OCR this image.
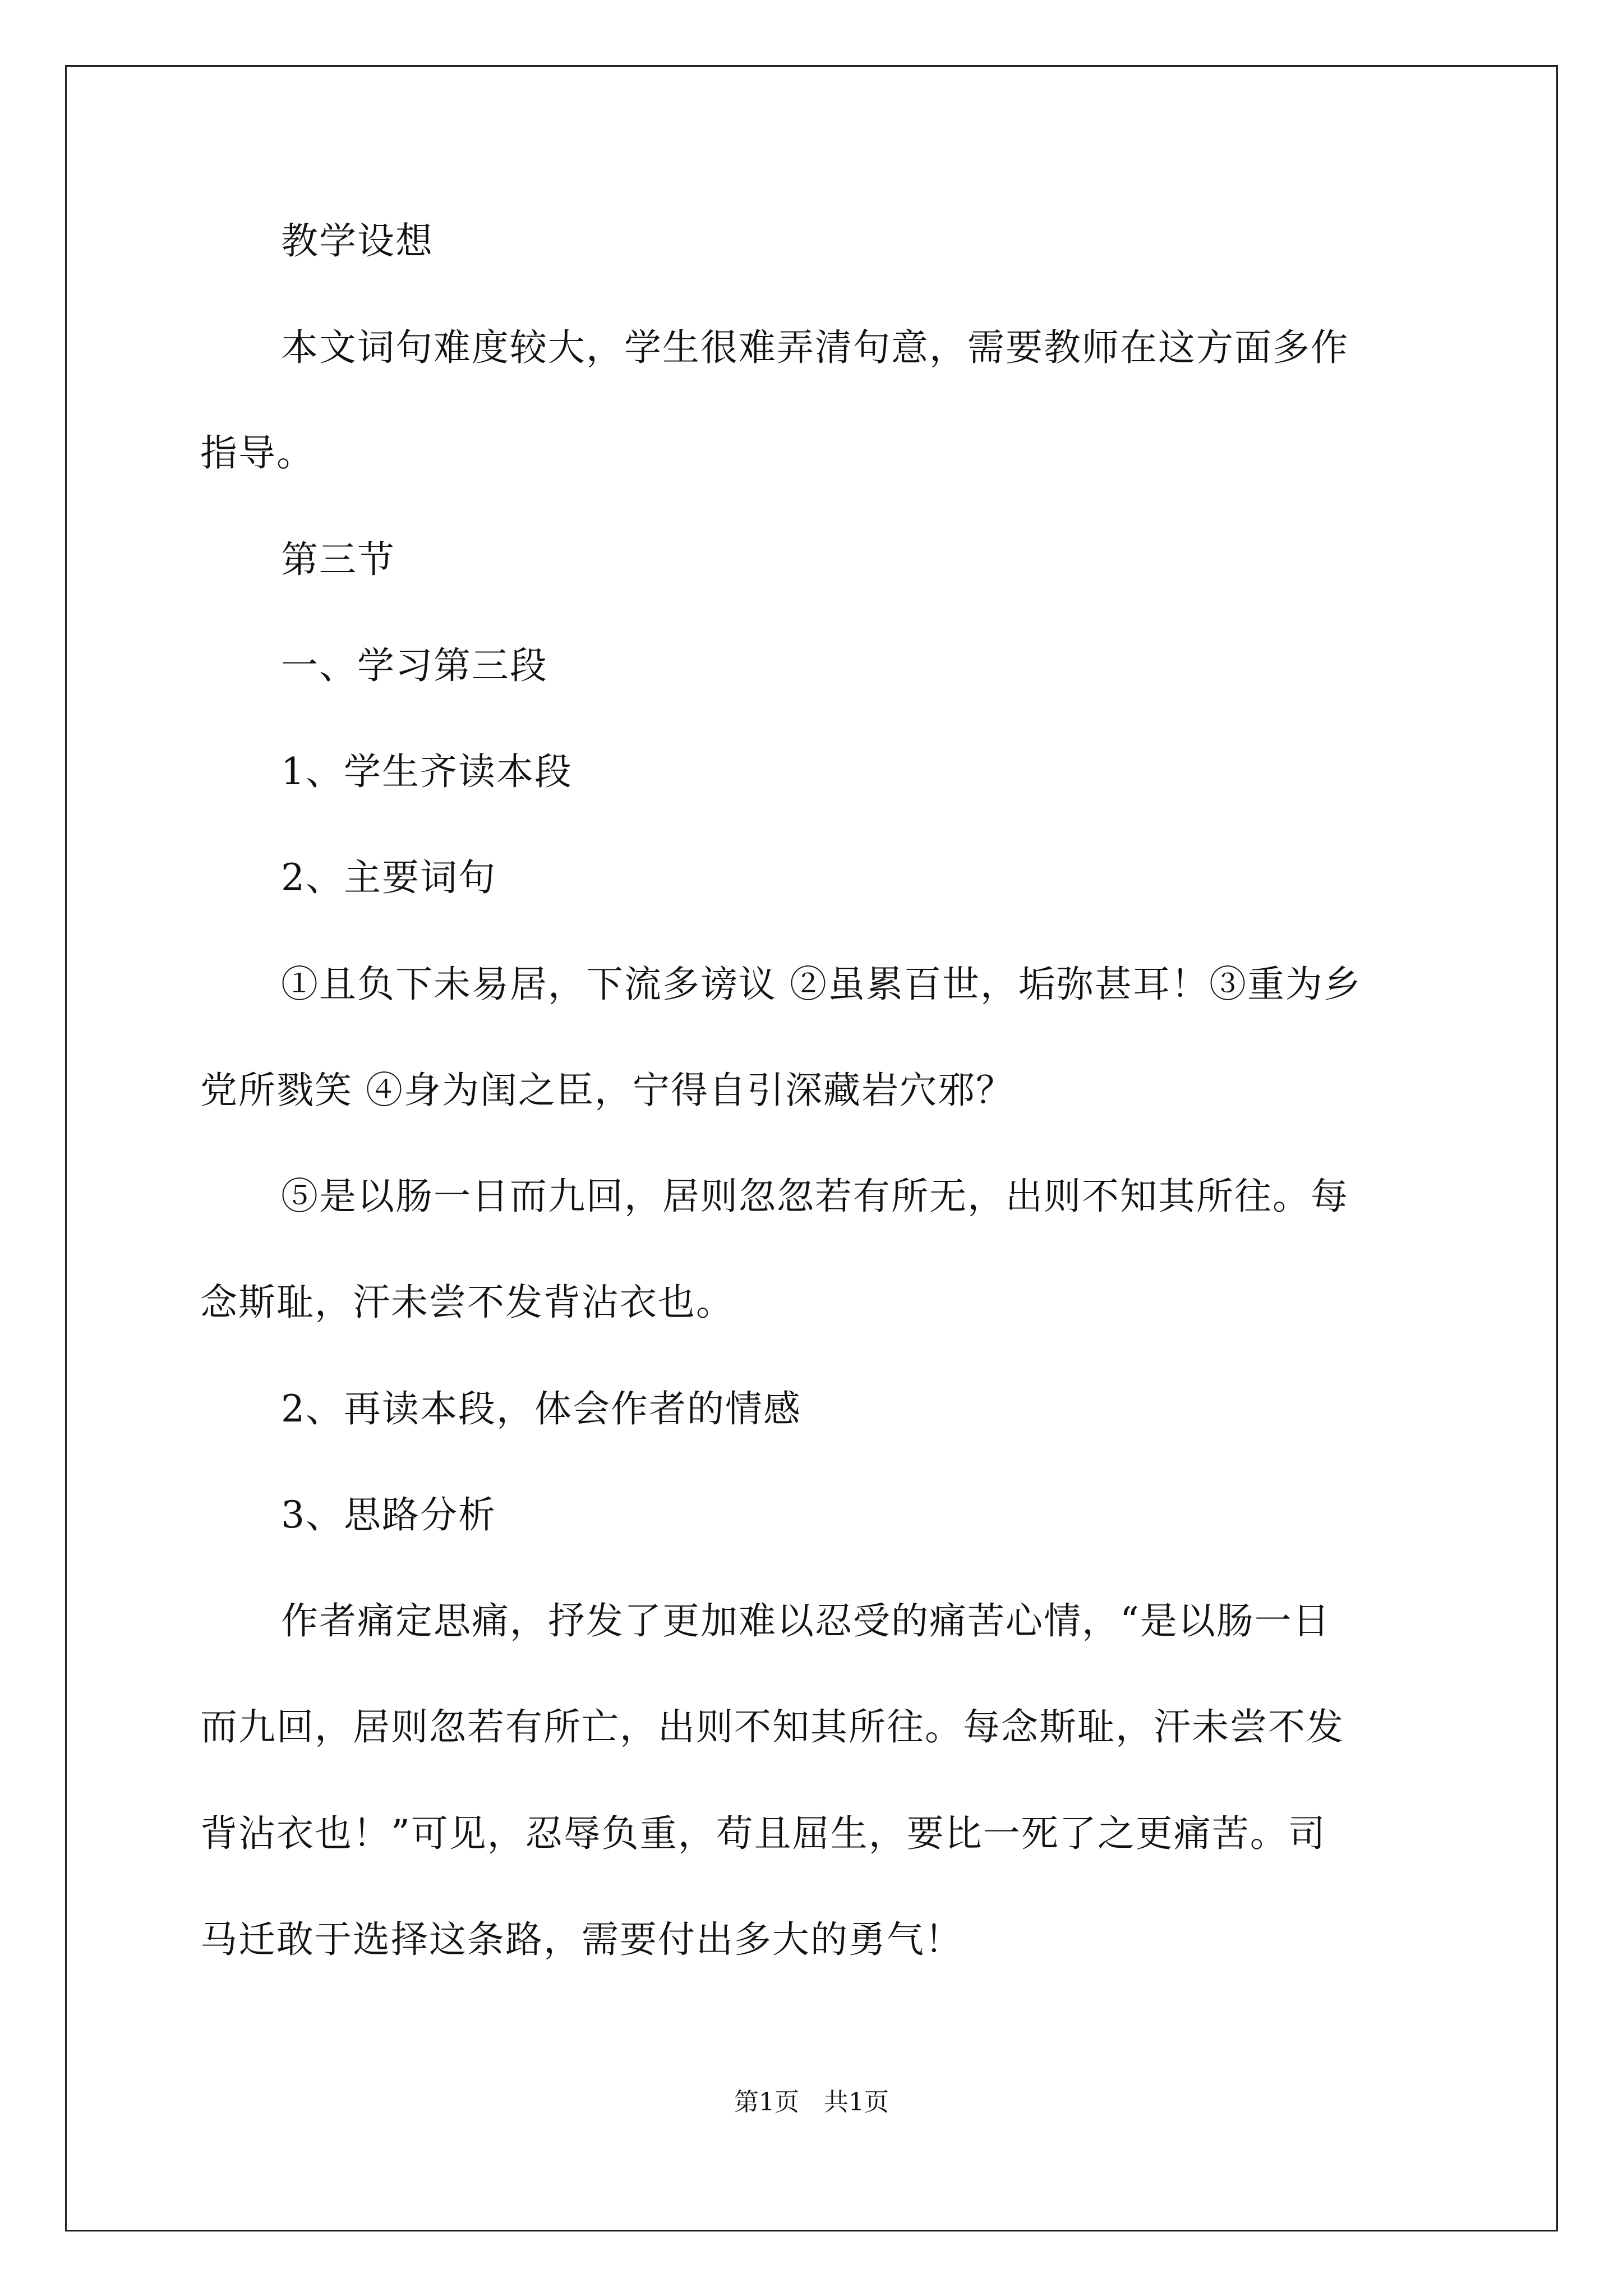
教学设想
本文词句难度较大，学生很难弄清句意，需要教师在这方面多作
指导。
第三节
一、学习第三段
1、学生齐读本段
2、主要词句
①且负下未易居，下流多谤议 ②虽累百世，垢弥甚耳！③重为乡
党所戮笑 ④身为闺之臣，宁得自引深藏岩穴邪？
⑤是以肠一日而九回，居则忽忽若有所无，出则不知其所往。每
念斯耻，汗未尝不发背沾衣也。
2、再读本段，体会作者的情感
3、思路分析
作者痛定思痛，抒发了更加难以忍受的痛苦心情，“是以肠一日
而九回，居则忽若有所亡，出则不知其所往。每念斯耻，汗未尝不发
背沾衣也！”可见，忍辱负重，苟且屈生，要比一死了之更痛苦。司
马迁敢于选择这条路，需要付出多大的勇气！
第1页 共1页
